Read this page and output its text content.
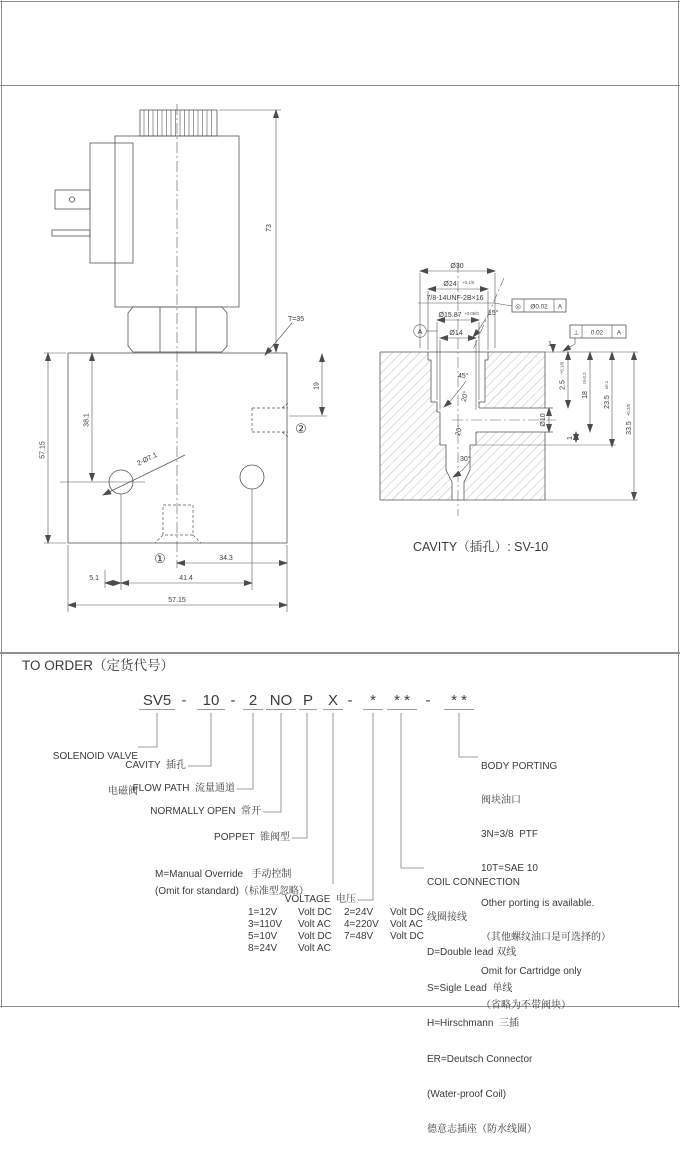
73
T=35
19
38.1
57.15
2-Ø7.1
①
②
34.3
5.1	41.4
57.15
Ø30
Ø24 +0.1/0
7/8-14UNF-2B×16
Ø15.87 +0.05/0
Ø14
A
◎ Ø0.02 A
⊥ 0.02 A
15°
45°
20°
20°
30°
Ø10
2.5
+0.1/0
18
0/-0.2
23.5
±0.1
33.5
+0.2/0
1
1
CAVITY（插孔）: SV-10
TO ORDER（定货代号）
SV5 -	10 - 2 NO P X -	*	* *	-	* *

SOLENOID VALVE

电磁阀

CAVITY  插孔
FLOW PATH  流量通道
NORMALLY OPEN  常开
POPPET  锥阀型
M=Manual Override   手动控制
(Omit for standard)（标准型忽略）
VOLTAGE  电压
1=12V	Volt DC	2=24V	Volt DC
3=110V	Volt AC	4=220V	Volt AC
5=10V	Volt DC	7=48V	Volt DC
8=24V	Volt AC

COIL CONNECTION

线圈接线

D=Double lead 双线

S=Sigle Lead  单线

H=Hirschmann  三插

ER=Deutsch Connector

(Water-proof Coil)

德意志插座（防水线圈）

BODY PORTING

阀块油口

3N=3/8  PTF

10T=SAE 10

Other porting is available.

（其他螺纹油口是可选择的）

Omit for Cartridge only

（省略为不带阀块）
